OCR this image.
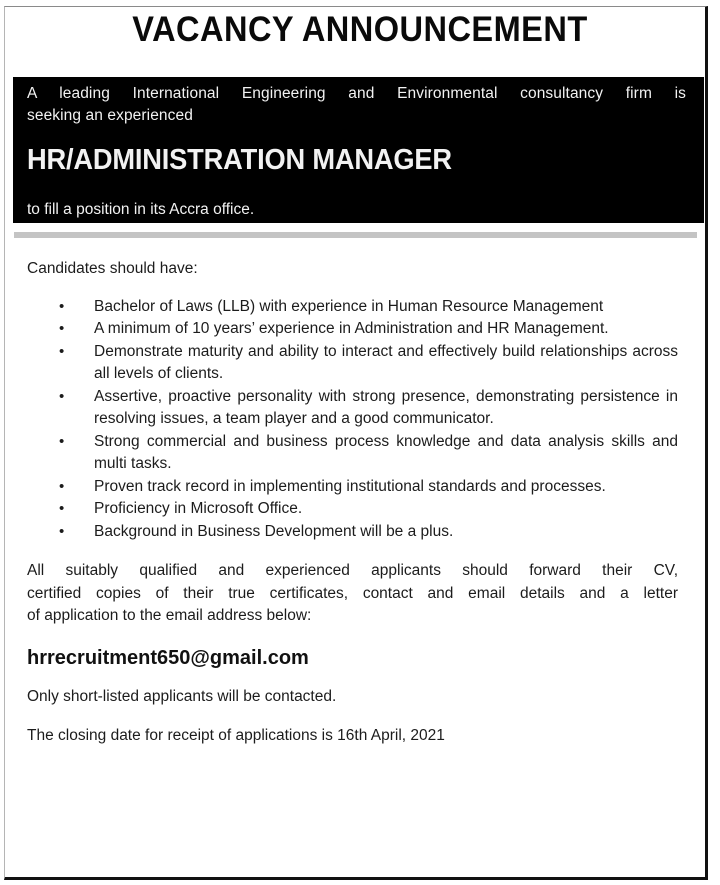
VACANCY ANNOUNCEMENT
A leading International Engineering and Environmental consultancy firm is
seeking an experienced
HR/ADMINISTRATION MANAGER
to fill a position in its Accra office.

Candidates should have:

• Bachelor of Laws (LLB) with experience in Human Resource Management
• A minimum of 10 years’ experience in Administration and HR Management.
• Demonstrate maturity and ability to interact and effectively build relationships across all levels of clients.
• Assertive, proactive personality with strong presence, demonstrating persistence in resolving issues, a team player and a good communicator.
• Strong commercial and business process knowledge and data analysis skills and multi tasks.
• Proven track record in implementing institutional standards and processes.
• Proficiency in Microsoft Office.
• Background in Business Development will be a plus.

All suitably qualified and experienced applicants should forward their CV,
certified copies of their true certificates, contact and email details and a letter
of application to the email address below:

hrrecruitment650@gmail.com

Only short-listed applicants will be contacted.

The closing date for receipt of applications is 16th April, 2021
